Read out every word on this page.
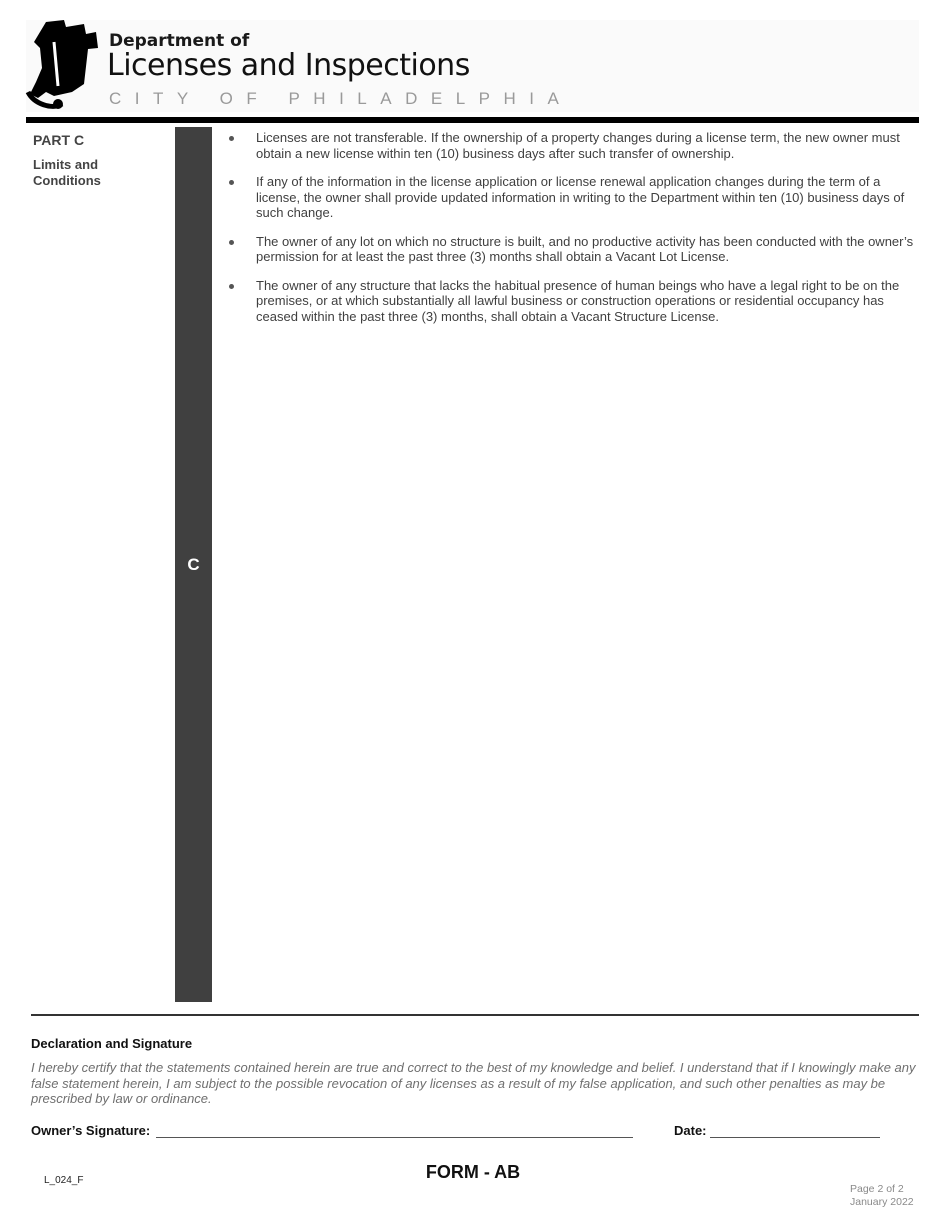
Department of
Licenses and Inspections
CITY OF PHILADELPHIA
PART C
Limits and Conditions
C
Licenses are not transferable. If the ownership of a property changes during a license term, the new owner must obtain a new license within ten (10) business days after such transfer of ownership.
If any of the information in the license application or license renewal application changes during the term of a license, the owner shall provide updated information in writing to the Department within ten (10) business days of such change.
The owner of any lot on which no structure is built, and no productive activity has been conducted with the owner’s permission for at least the past three (3) months shall obtain a Vacant Lot License.
The owner of any structure that lacks the habitual presence of human beings who have a legal right to be on the premises, or at which substantially all lawful business or construction operations or residential occupancy has ceased within the past three (3) months, shall obtain a Vacant Structure License.
Declaration and Signature
I hereby certify that the statements contained herein are true and correct to the best of my knowledge and belief. I understand that if I knowingly make any false statement herein, I am subject to the possible revocation of any licenses as a result of my false application, and such other penalties as may be prescribed by law or ordinance.
Owner’s Signature:	Date:
L_024_F	FORM - AB
Page 2 of 2
January 2022
